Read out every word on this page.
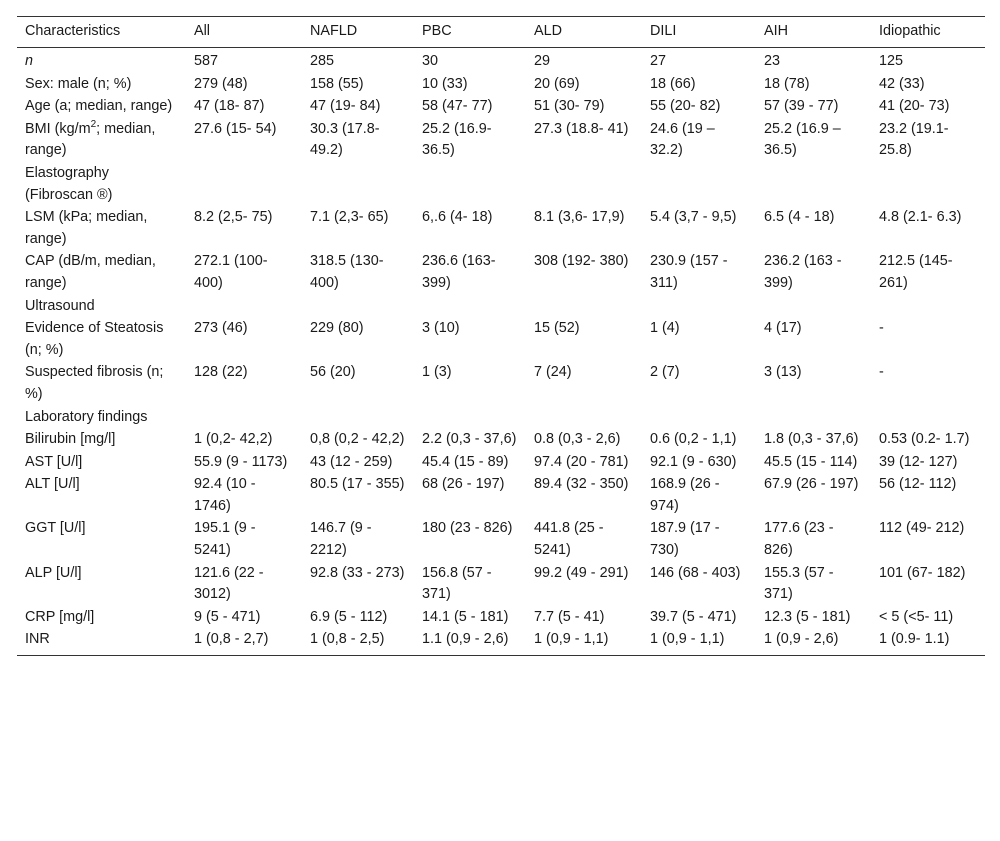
Characteristics	All	NAFLD	PBC	ALD	DILI	AIH	Idiopathic
n	587	285	30	29	27	23	125
Sex: male (n; %)	279 (48)	158 (55)	10 (33)	20 (69)	18 (66)	18 (78)	42 (33)
Age (a; median, range)	47 (18- 87)	47 (19- 84)	58 (47- 77)	51 (30- 79)	55 (20- 82)	57 (39 - 77)	41 (20- 73)
BMI ($kg/m^2$; median, range)	27.6 (15- 54)	30.3 (17.8- 49.2)	25.2 (16.9- 36.5)	27.3 (18.8- 41)	24.6 (19 – 32.2)	25.2 (16.9 – 36.5)	23.2 (19.1- 25.8)
Elastography (Fibroscan ®)							
LSM (kPa; median, range)	8.2 (2,5- 75)	7.1 (2,3- 65)	6,.6 (4- 18)	8.1 (3,6- 17,9)	5.4 (3,7 - 9,5)	6.5 (4 - 18)	4.8 (2.1- 6.3)
CAP (dB/m, median, range)	272.1 (100- 400)	318.5 (130- 400)	236.6 (163- 399)	308 (192- 380)	230.9 (157 - 311)	236.2 (163 - 399)	212.5 (145- 261)
Ultrasound							
Evidence of Steatosis (n; %)	273 (46)	229 (80)	3 (10)	15 (52)	1 (4)	4 (17)	-
Suspected fibrosis (n; %)	128 (22)	56 (20)	1 (3)	7 (24)	2 (7)	3 (13)	-
Laboratory findings							
Bilirubin [mg/l]	1 (0,2- 42,2)	0,8 (0,2 - 42,2)	2.2 (0,3 - 37,6)	0.8 (0,3 - 2,6)	0.6 (0,2 - 1,1)	1.8 (0,3 - 37,6)	0.53 (0.2- 1.7)
AST [U/l]	55.9 (9 - 1173)	43 (12 - 259)	45.4 (15 - 89)	97.4 (20 - 781)	92.1 (9 - 630)	45.5 (15 - 114)	39 (12- 127)
ALT [U/l]	92.4 (10 - 1746)	80.5 (17 - 355)	68 (26 - 197)	89.4 (32 - 350)	168.9 (26 - 974)	67.9 (26 - 197)	56 (12- 112)
GGT [U/l]	195.1 (9 - 5241)	146.7 (9 - 2212)	180 (23 - 826)	441.8 (25 - 5241)	187.9 (17 - 730)	177.6 (23 - 826)	112 (49- 212)
ALP [U/l]	121.6 (22 - 3012)	92.8 (33 - 273)	156.8 (57 - 371)	99.2 (49 - 291)	146 (68 - 403)	155.3 (57 - 371)	101 (67- 182)
CRP [mg/l]	9 (5 - 471)	6.9 (5 - 112)	14.1 (5 - 181)	7.7 (5 - 41)	39.7 (5 - 471)	12.3 (5 - 181)	< 5 (<5- 11)
INR	1 (0,8 - 2,7)	1 (0,8 - 2,5)	1.1 (0,9 - 2,6)	1 (0,9 - 1,1)	1 (0,9 - 1,1)	1 (0,9 - 2,6)	1 (0.9- 1.1)
